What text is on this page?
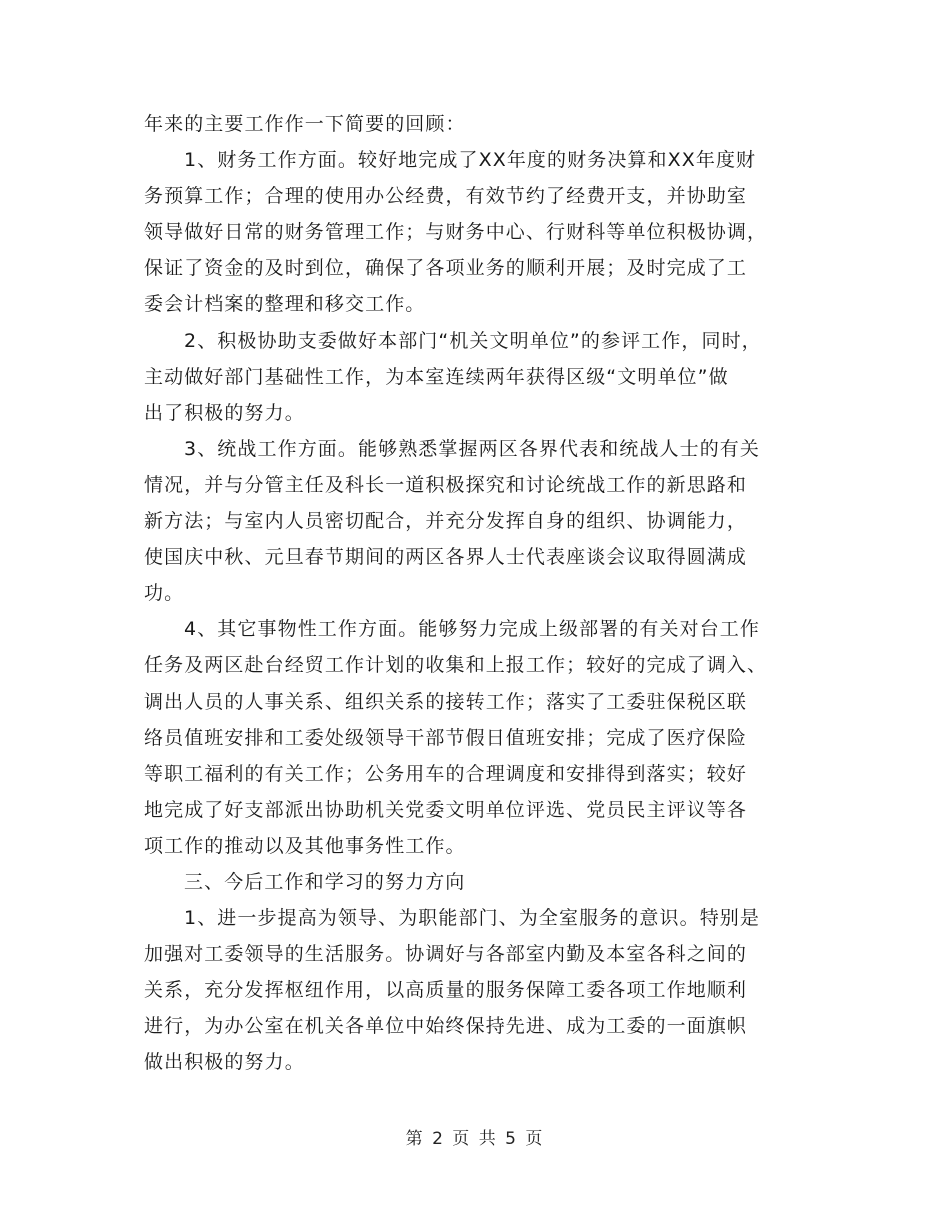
年来的主要工作作一下简要的回顾：
1、财务工作方面。较好地完成了XX年度的财务决算和XX年度财
务预算工作；合理的使用办公经费，有效节约了经费开支，并协助室
领导做好日常的财务管理工作；与财务中心、行财科等单位积极协调，
保证了资金的及时到位，确保了各项业务的顺利开展；及时完成了工
委会计档案的整理和移交工作。
2、积极协助支委做好本部门“机关文明单位”的参评工作，同时，
主动做好部门基础性工作，为本室连续两年获得区级“文明单位”做
出了积极的努力。
3、统战工作方面。能够熟悉掌握两区各界代表和统战人士的有关
情况，并与分管主任及科长一道积极探究和讨论统战工作的新思路和
新方法；与室内人员密切配合，并充分发挥自身的组织、协调能力，
使国庆中秋、元旦春节期间的两区各界人士代表座谈会议取得圆满成
功。
4、其它事物性工作方面。能够努力完成上级部署的有关对台工作
任务及两区赴台经贸工作计划的收集和上报工作；较好的完成了调入、
调出人员的人事关系、组织关系的接转工作；落实了工委驻保税区联
络员值班安排和工委处级领导干部节假日值班安排；完成了医疗保险
等职工福利的有关工作；公务用车的合理调度和安排得到落实；较好
地完成了好支部派出协助机关党委文明单位评选、党员民主评议等各
项工作的推动以及其他事务性工作。
三、今后工作和学习的努力方向
1、进一步提高为领导、为职能部门、为全室服务的意识。特别是
加强对工委领导的生活服务。协调好与各部室内勤及本室各科之间的
关系，充分发挥枢纽作用，以高质量的服务保障工委各项工作地顺利
进行，为办公室在机关各单位中始终保持先进、成为工委的一面旗帜
做出积极的努力。
第 2 页 共 5 页
